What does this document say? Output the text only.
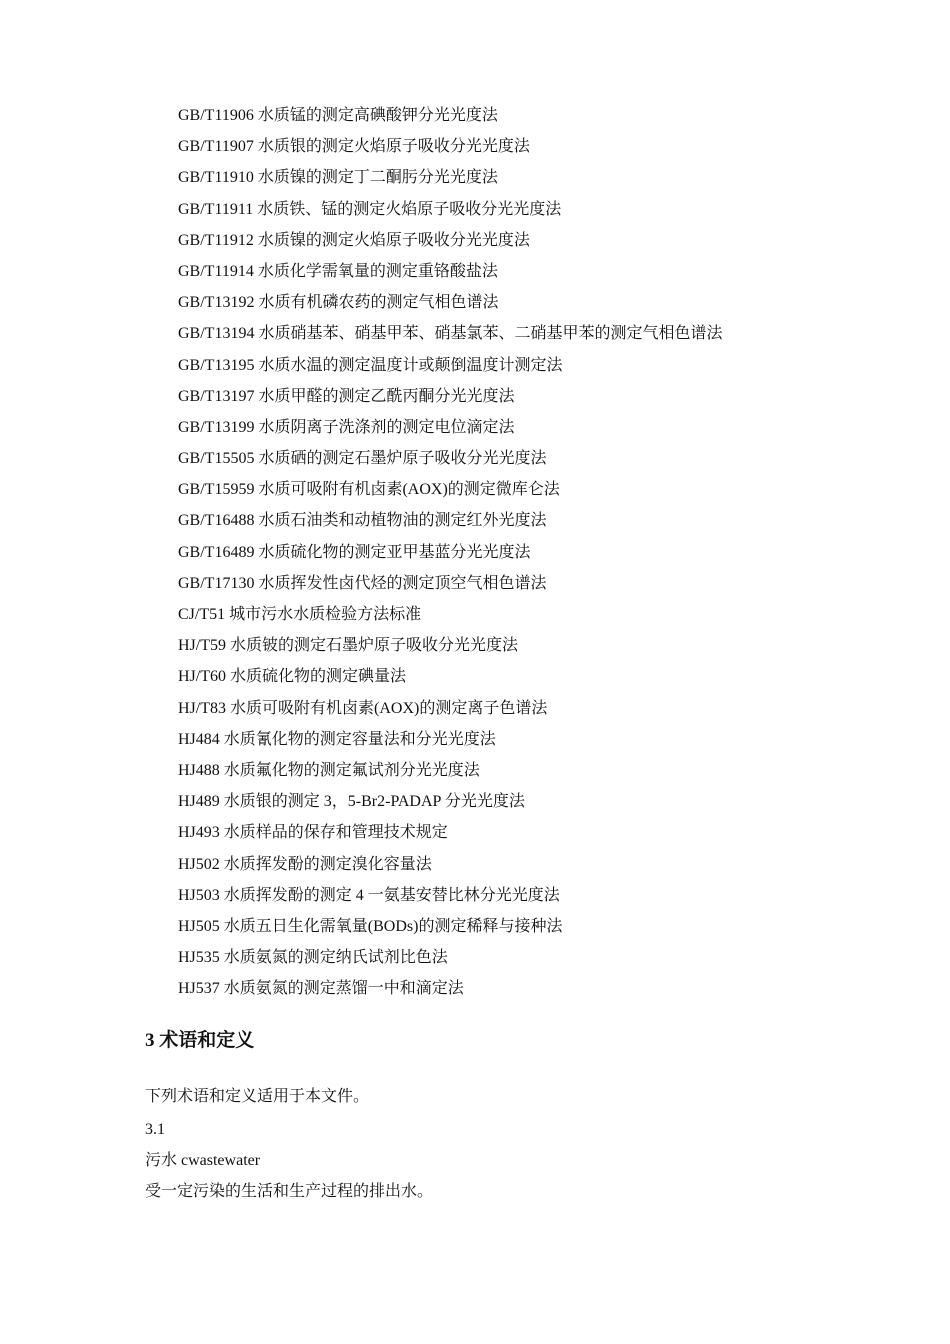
GB/T11906 水质锰的测定高碘酸钾分光光度法
GB/T11907 水质银的测定火焰原子吸收分光光度法
GB/T11910 水质镍的测定丁二酮肟分光光度法
GB/T11911 水质铁、锰的测定火焰原子吸收分光光度法
GB/T11912 水质镍的测定火焰原子吸收分光光度法
GB/T11914 水质化学需氧量的测定重铬酸盐法
GB/T13192 水质有机磷农药的测定气相色谱法
GB/T13194 水质硝基苯、硝基甲苯、硝基氯苯、二硝基甲苯的测定气相色谱法
GB/T13195 水质水温的测定温度计或颠倒温度计测定法
GB/T13197 水质甲醛的测定乙酰丙酮分光光度法
GB/T13199 水质阴离子洗涤剂的测定电位滴定法
GB/T15505 水质硒的测定石墨炉原子吸收分光光度法
GB/T15959 水质可吸附有机卤素(AOX)的测定微库仑法
GB/T16488 水质石油类和动植物油的测定红外光度法
GB/T16489 水质硫化物的测定亚甲基蓝分光光度法
GB/T17130 水质挥发性卤代烃的测定顶空气相色谱法
CJ/T51 城市污水水质检验方法标准
HJ/T59 水质铍的测定石墨炉原子吸收分光光度法
HJ/T60 水质硫化物的测定碘量法
HJ/T83 水质可吸附有机卤素(AOX)的测定离子色谱法
HJ484 水质氰化物的测定容量法和分光光度法
HJ488 水质氟化物的测定氟试剂分光光度法
HJ489 水质银的测定 3，5-Br2-PADAP 分光光度法
HJ493 水质样品的保存和管理技术规定
HJ502 水质挥发酚的测定溴化容量法
HJ503 水质挥发酚的测定 4 一氨基安替比林分光光度法
HJ505 水质五日生化需氧量(BODs)的测定稀释与接种法
HJ535 水质氨氮的测定纳氏试剂比色法
HJ537 水质氨氮的测定蒸馏一中和滴定法
3 术语和定义

下列术语和定义适用于本文件。

3.1

污水 cwastewater

受一定污染的生活和生产过程的排出水。
